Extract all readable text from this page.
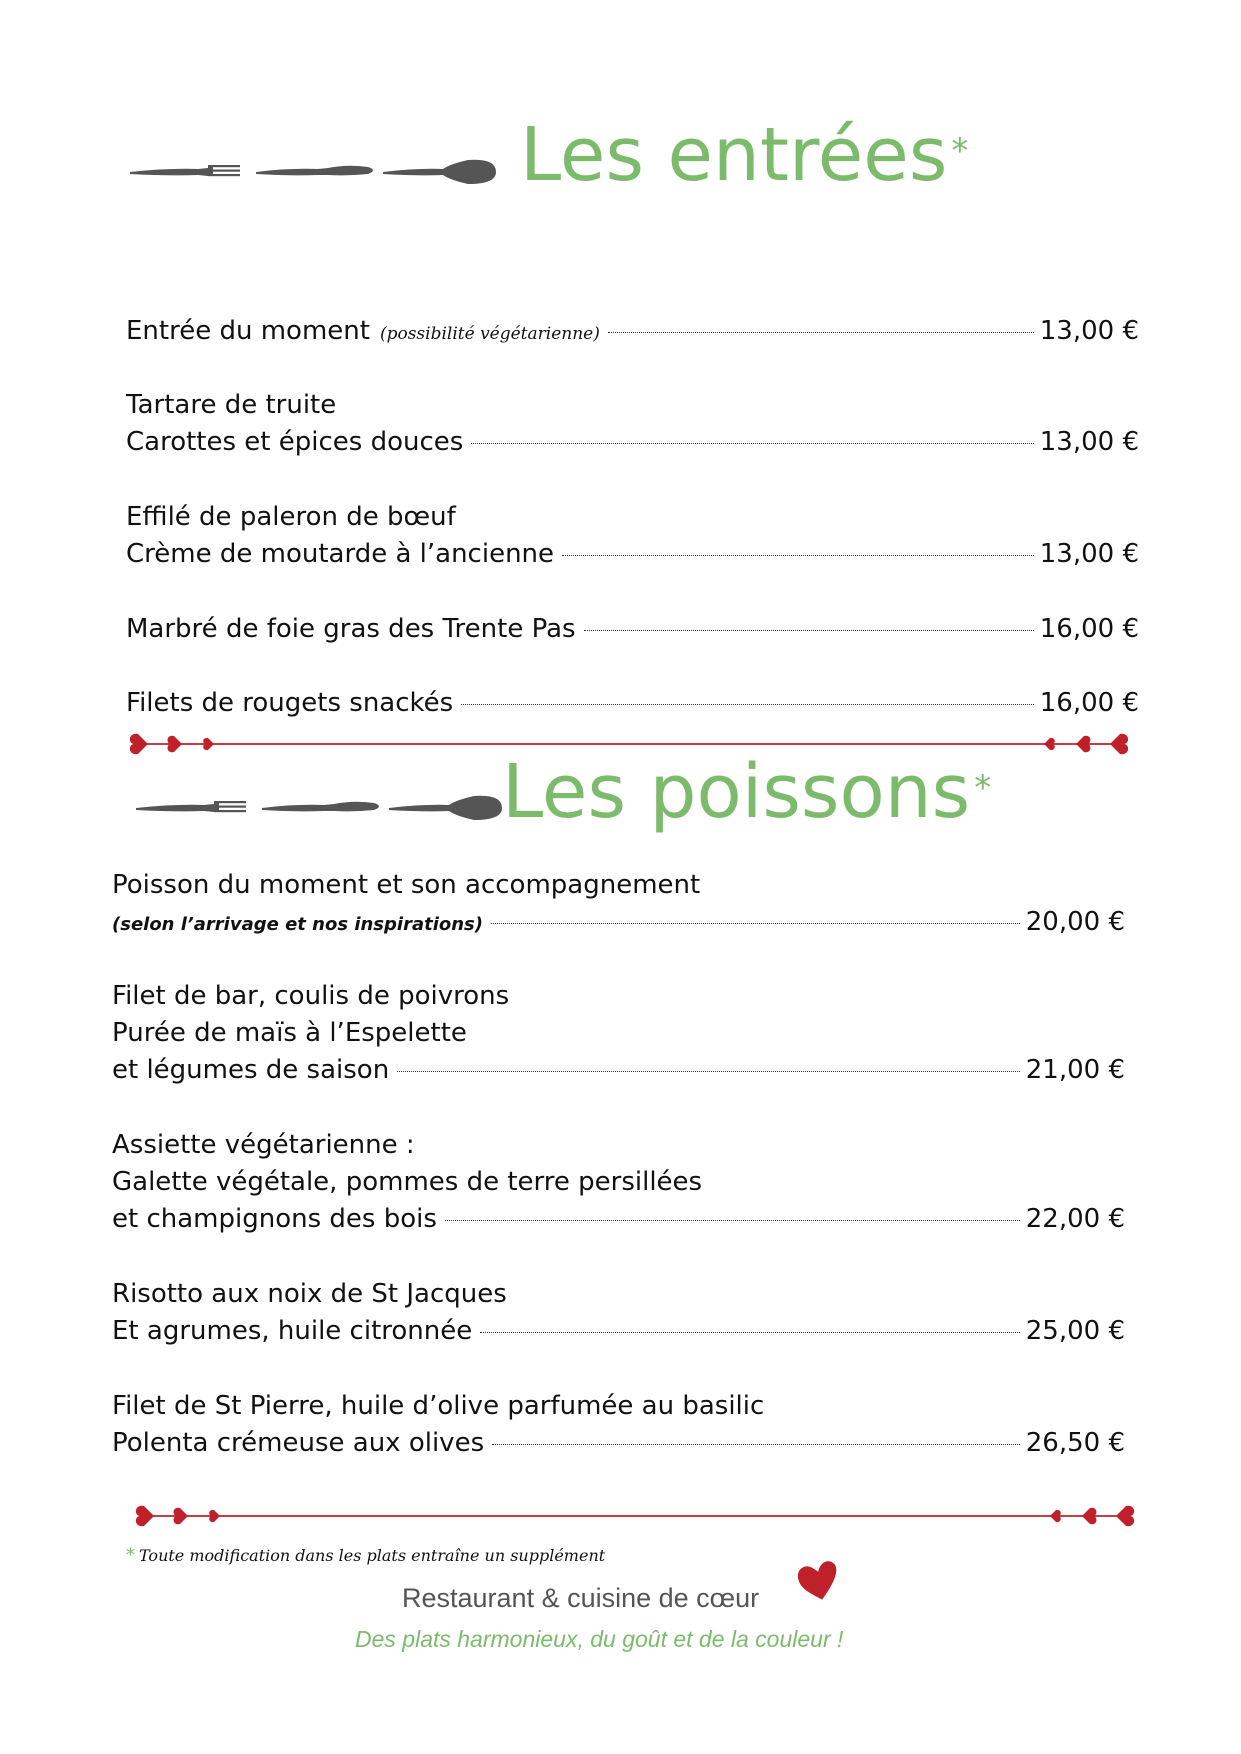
Les entrées *
Entrée du moment (possibilité végétarienne)	13,00 €
Tartare de truite
Carottes et épices douces	13,00 €
Effilé de paleron de bœuf
Crème de moutarde à l’ancienne	13,00 €
Marbré de foie gras des Trente Pas	16,00 €
Filets de rougets snackés	16,00 €
Les poissons *
Poisson du moment et son accompagnement
(selon l’arrivage et nos inspirations)	20,00 €
Filet de bar, coulis de poivrons
Purée de maïs à l’Espelette
et légumes de saison	21,00 €
Assiette végétarienne :
Galette végétale, pommes de terre persillées
et champignons des bois	22,00 €
Risotto aux noix de St Jacques
Et agrumes, huile citronnée	25,00 €
Filet de St Pierre, huile d’olive parfumée au basilic
Polenta crémeuse aux olives	26,50 €
* Toute modification dans les plats entraîne un supplément
Restaurant & cuisine de cœur
Des plats harmonieux, du goût et de la couleur !
